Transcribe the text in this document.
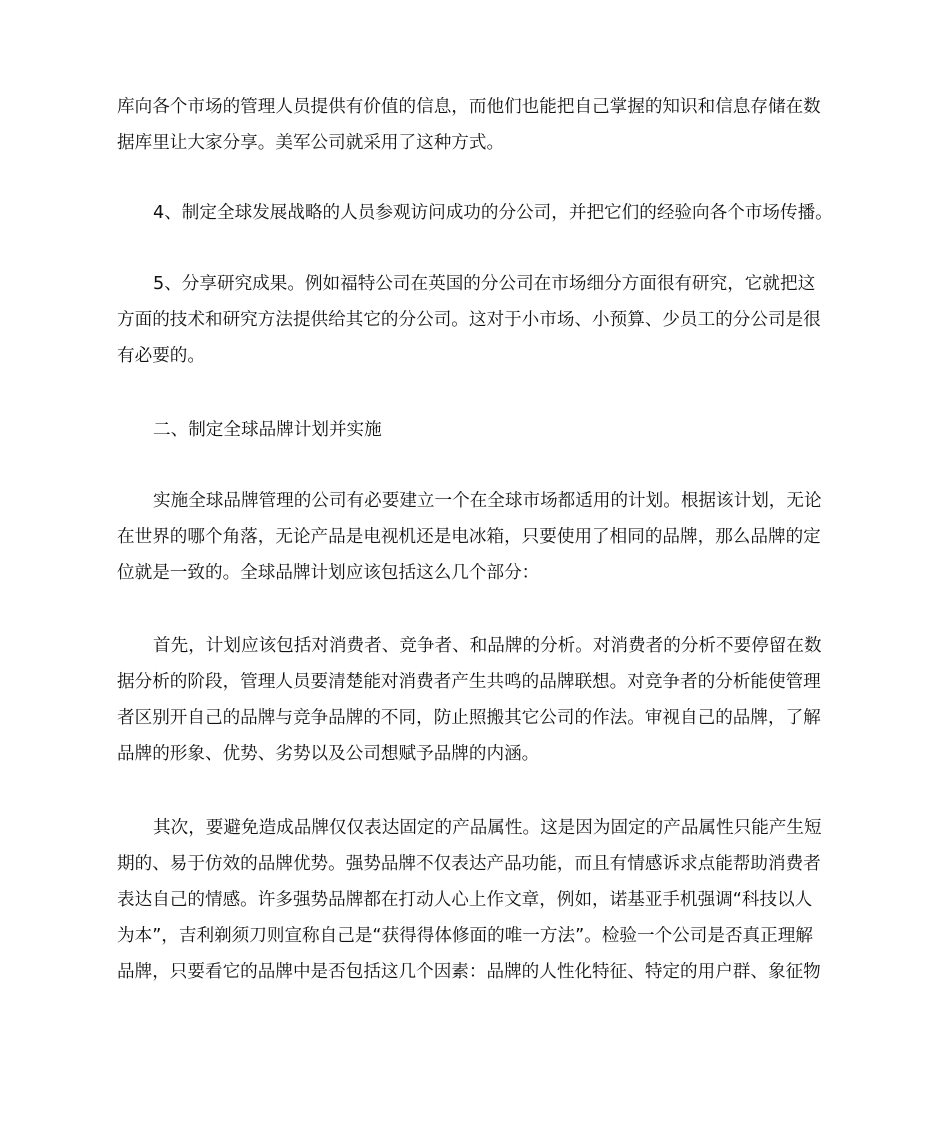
库向各个市场的管理人员提供有价值的信息，而他们也能把自己掌握的知识和信息存储在数
据库里让大家分享。美军公司就采用了这种方式。
4、制定全球发展战略的人员参观访问成功的分公司，并把它们的经验向各个市场传播。
5、分享研究成果。例如福特公司在英国的分公司在市场细分方面很有研究，它就把这
方面的技术和研究方法提供给其它的分公司。这对于小市场、小预算、少员工的分公司是很
有必要的。
二、制定全球品牌计划并实施
实施全球品牌管理的公司有必要建立一个在全球市场都适用的计划。根据该计划，无论
在世界的哪个角落，无论产品是电视机还是电冰箱，只要使用了相同的品牌，那么品牌的定
位就是一致的。全球品牌计划应该包括这么几个部分：
首先，计划应该包括对消费者、竞争者、和品牌的分析。对消费者的分析不要停留在数
据分析的阶段，管理人员要清楚能对消费者产生共鸣的品牌联想。对竞争者的分析能使管理
者区别开自己的品牌与竞争品牌的不同，防止照搬其它公司的作法。审视自己的品牌，了解
品牌的形象、优势、劣势以及公司想赋予品牌的内涵。
其次，要避免造成品牌仅仅表达固定的产品属性。这是因为固定的产品属性只能产生短
期的、易于仿效的品牌优势。强势品牌不仅表达产品功能，而且有情感诉求点能帮助消费者
表达自己的情感。许多强势品牌都在打动人心上作文章，例如，诺基亚手机强调“科技以人
为本”，吉利剃须刀则宣称自己是“获得得体修面的唯一方法”。检验一个公司是否真正理解
品牌，只要看它的品牌中是否包括这几个因素：品牌的人性化特征、特定的用户群、象征物
